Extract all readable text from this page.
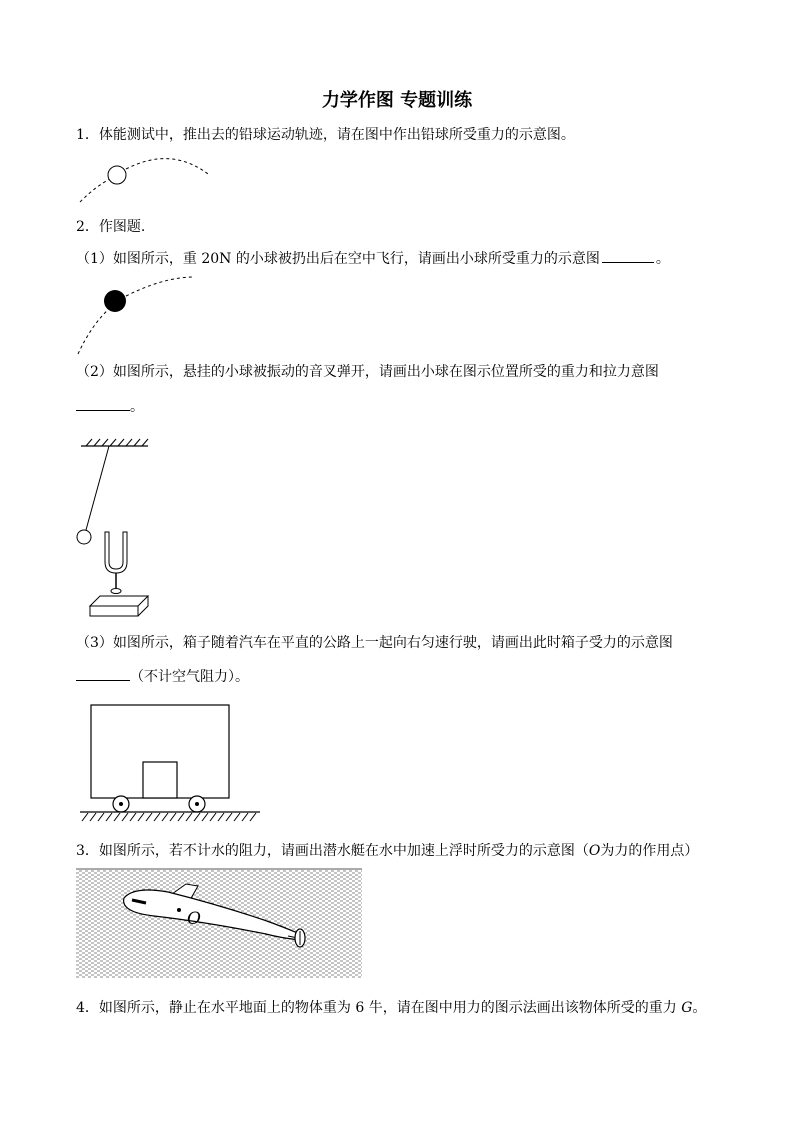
力学作图 专题训练
1．体能测试中，推出去的铅球运动轨迹，请在图中作出铅球所受重力的示意图。
2．作图题.
（1）如图所示，重 20N 的小球被扔出后在空中飞行，请画出小球所受重力的示意图	。
（2）如图所示，悬挂的小球被振动的音叉弹开，请画出小球在图示位置所受的重力和拉力意图
。
（3）如图所示，箱子随着汽车在平直的公路上一起向右匀速行驶，请画出此时箱子受力的示意图
（不计空气阻力）。
3．如图所示，若不计水的阻力，请画出潜水艇在水中加速上浮时所受力的示意图（O为力的作用点）
O
4．如图所示，静止在水平地面上的物体重为 6 牛，请在图中用力的图示法画出该物体所受的重力 G。
